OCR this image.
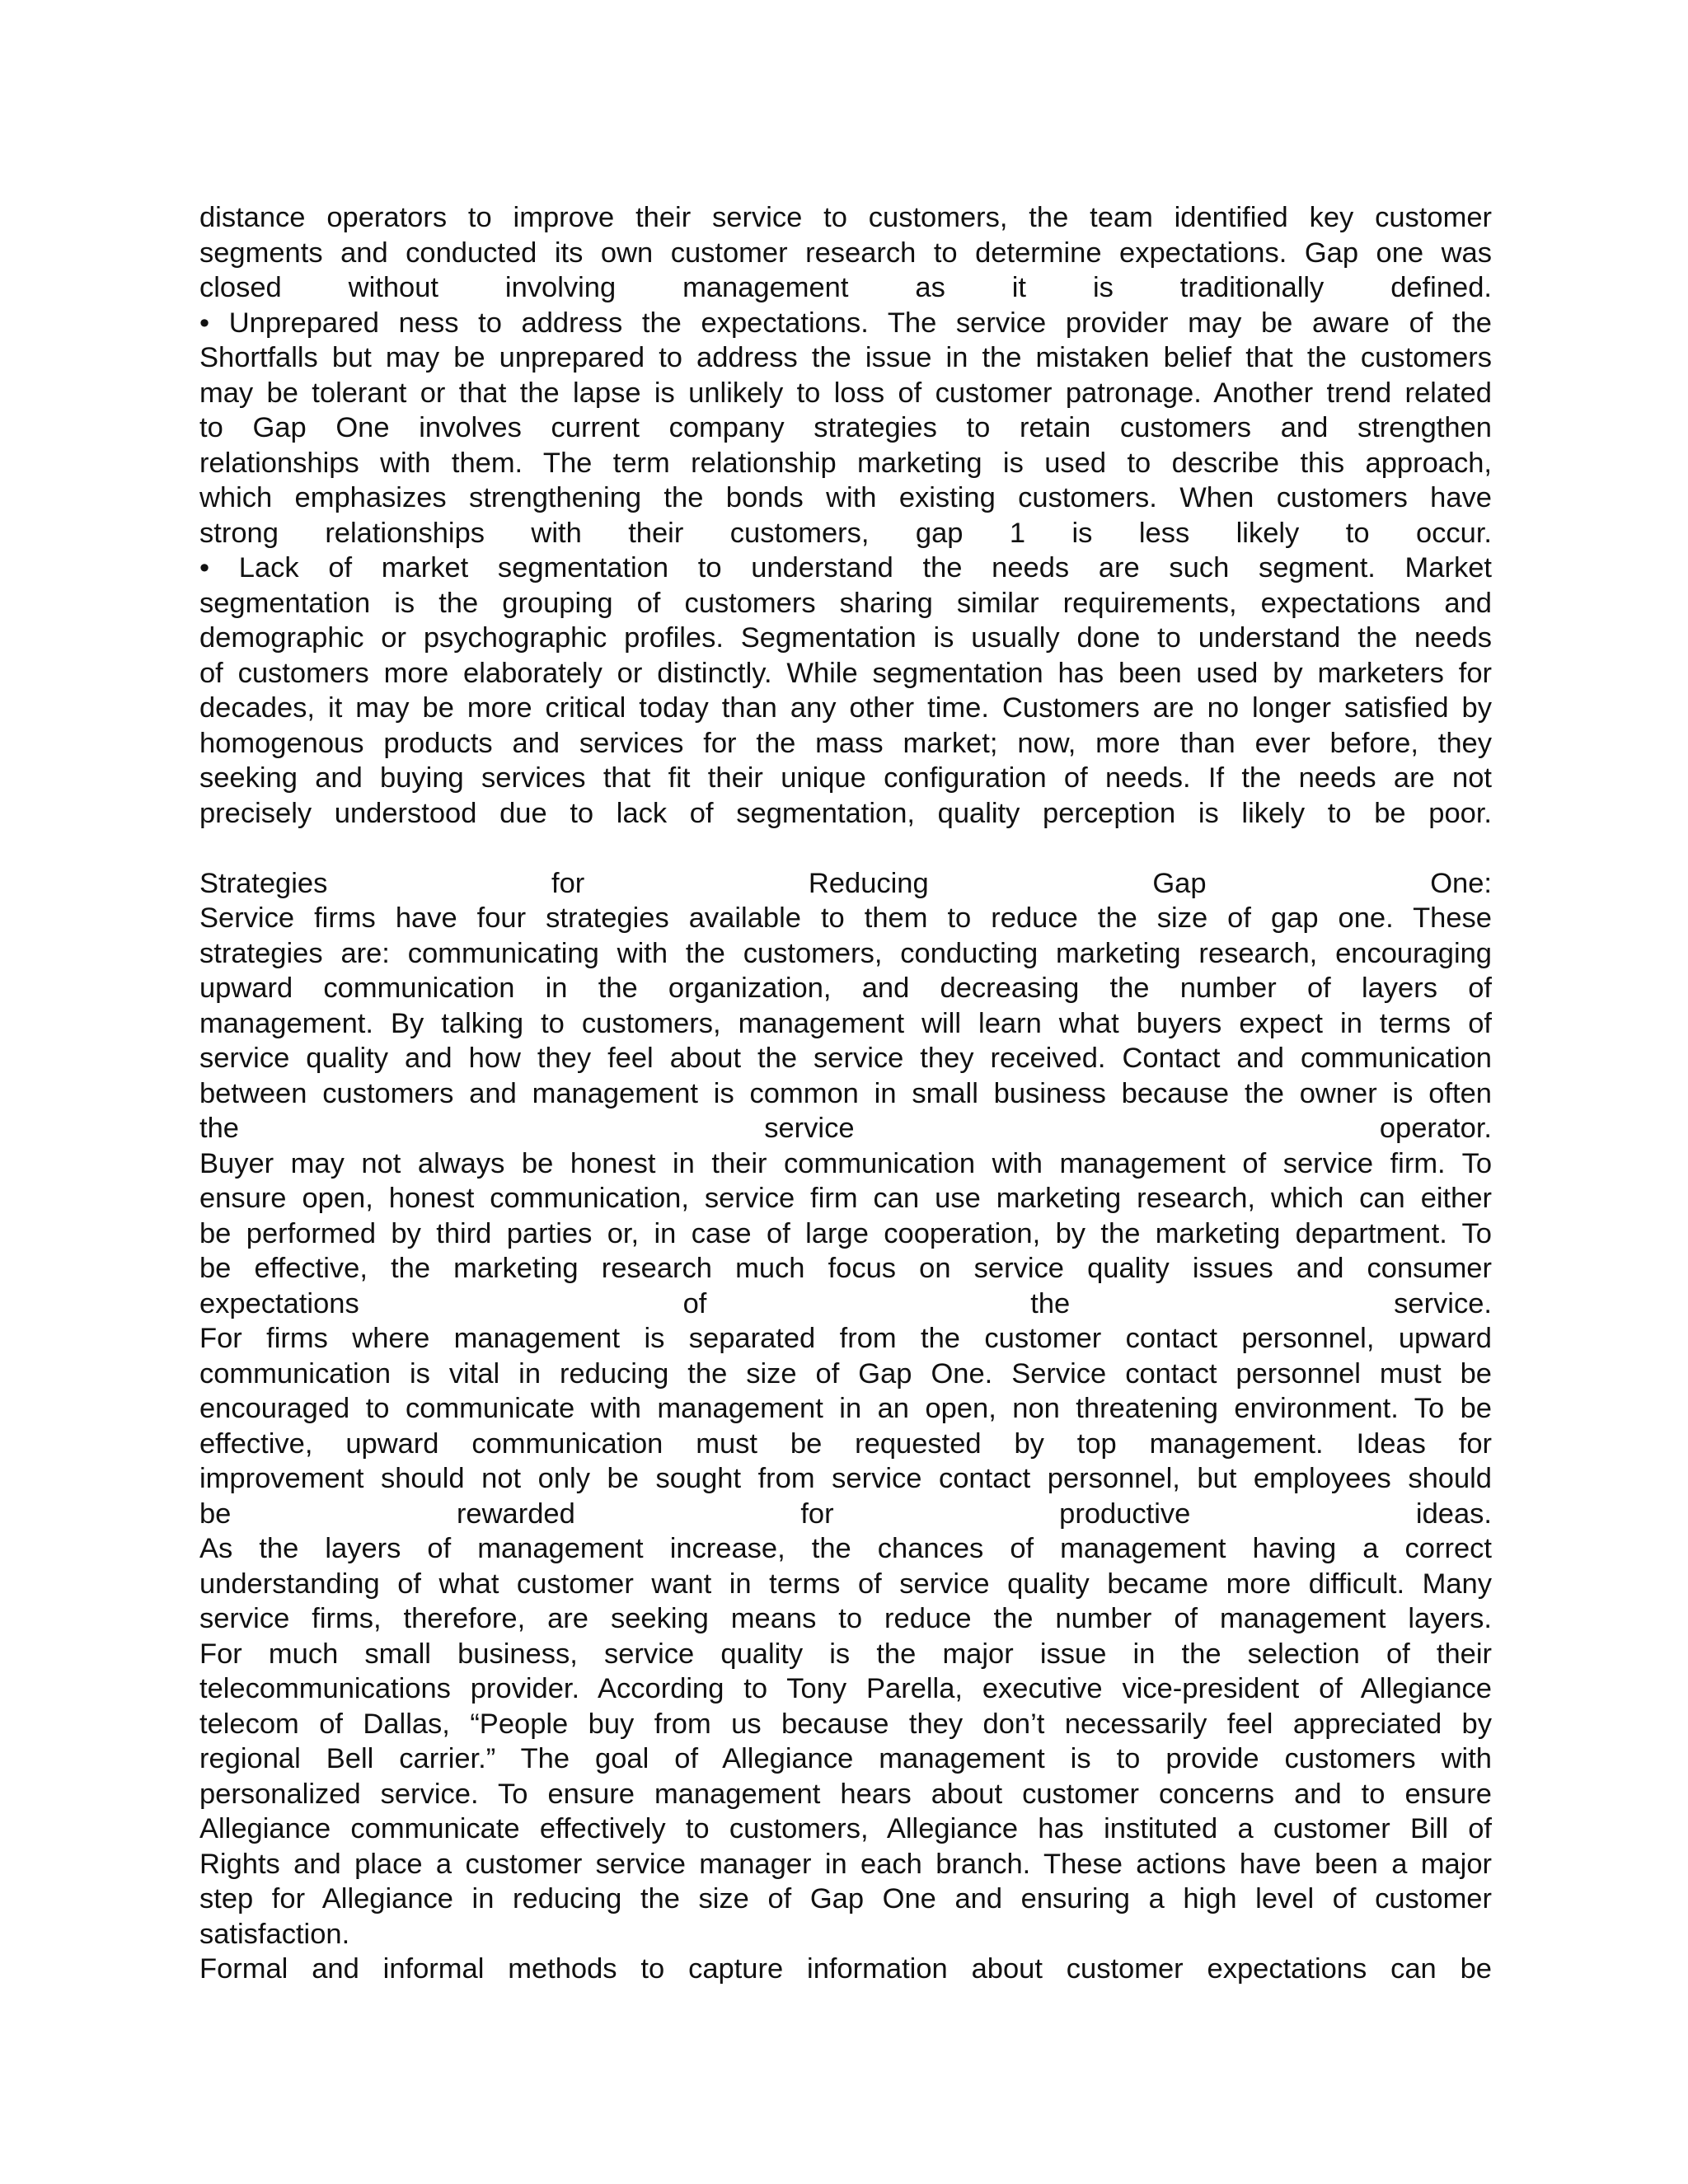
distance operators to improve their service to customers, the team identified key customer
segments and conducted its own customer research to determine expectations. Gap one was
closed without involving management as it is traditionally defined.
• Unprepared ness to address the expectations. The service provider may be aware of the
Shortfalls but may be unprepared to address the issue in the mistaken belief that the customers
may be tolerant or that the lapse is unlikely to loss of customer patronage. Another trend related
to Gap One involves current company strategies to retain customers and strengthen
relationships with them. The term relationship marketing is used to describe this approach,
which emphasizes strengthening the bonds with existing customers. When customers have
strong relationships with their customers, gap 1 is less likely to occur.
• Lack of market segmentation to understand the needs are such segment. Market
segmentation is the grouping of customers sharing similar requirements, expectations and
demographic or psychographic profiles. Segmentation is usually done to understand the needs
of customers more elaborately or distinctly. While segmentation has been used by marketers for
decades, it may be more critical today than any other time. Customers are no longer satisfied by
homogenous products and services for the mass market; now, more than ever before, they
seeking and buying services that fit their unique configuration of needs. If the needs are not
precisely understood due to lack of segmentation, quality perception is likely to be poor.
Strategies for Reducing Gap One:
Service firms have four strategies available to them to reduce the size of gap one. These
strategies are: communicating with the customers, conducting marketing research, encouraging
upward communication in the organization, and decreasing the number of layers of
management. By talking to customers, management will learn what buyers expect in terms of
service quality and how they feel about the service they received. Contact and communication
between customers and management is common in small business because the owner is often
the service operator.
Buyer may not always be honest in their communication with management of service firm. To
ensure open, honest communication, service firm can use marketing research, which can either
be performed by third parties or, in case of large cooperation, by the marketing department. To
be effective, the marketing research much focus on service quality issues and consumer
expectations of the service.
For firms where management is separated from the customer contact personnel, upward
communication is vital in reducing the size of Gap One. Service contact personnel must be
encouraged to communicate with management in an open, non threatening environment. To be
effective, upward communication must be requested by top management. Ideas for
improvement should not only be sought from service contact personnel, but employees should
be rewarded for productive ideas.
As the layers of management increase, the chances of management having a correct
understanding of what customer want in terms of service quality became more difficult. Many
service firms, therefore, are seeking means to reduce the number of management layers.
For much small business, service quality is the major issue in the selection of their
telecommunications provider. According to Tony Parella, executive vice-president of Allegiance
telecom of Dallas, “People buy from us because they don’t necessarily feel appreciated by
regional Bell carrier.” The goal of Allegiance management is to provide customers with
personalized service. To ensure management hears about customer concerns and to ensure
Allegiance communicate effectively to customers, Allegiance has instituted a customer Bill of
Rights and place a customer service manager in each branch. These actions have been a major
step for Allegiance in reducing the size of Gap One and ensuring a high level of customer
satisfaction.
Formal and informal methods to capture information about customer expectations can be
